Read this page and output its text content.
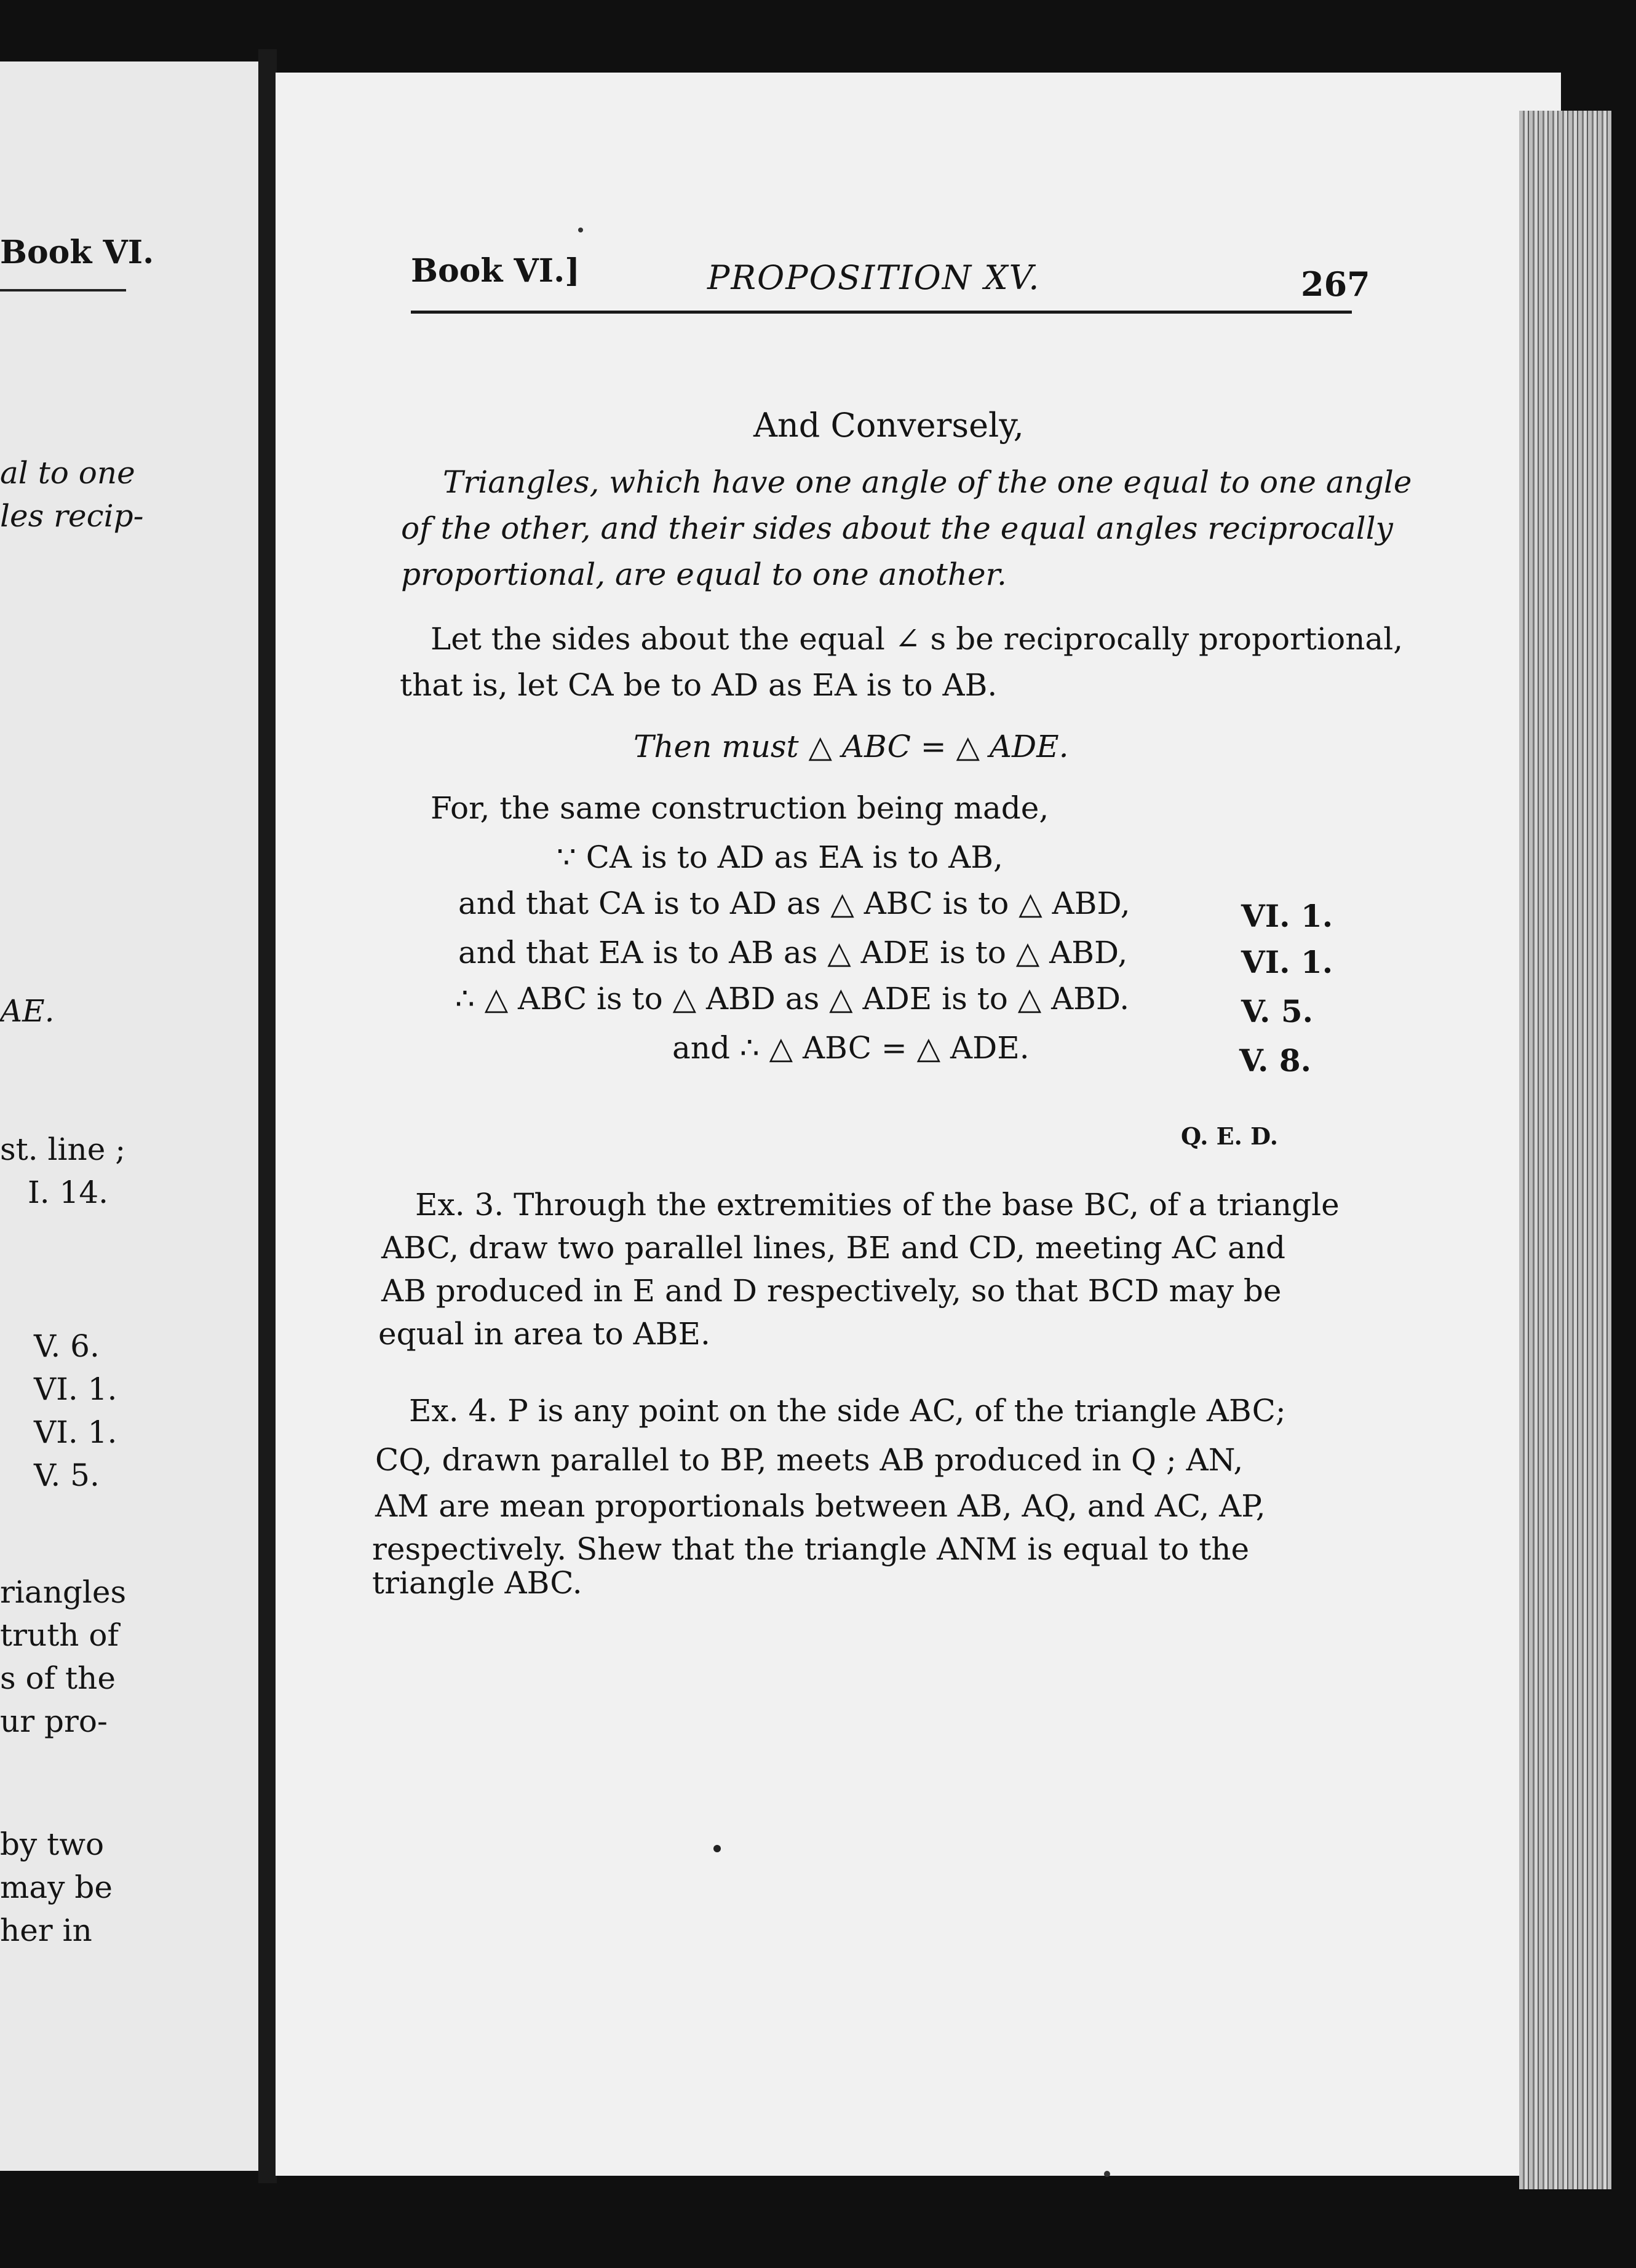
Book VI.
al to one
les recip-
AE.
st. line ;
I. 14.
V. 6.
VI. 1.
VI. 1.
V. 5.
riangles
truth of
s of the
ur pro-
by two
may be
her in
Book VI.]	PROPOSITION XV.	267
And Conversely,
Triangles, which have one angle of the one equal to one angle
of the other, and their sides about the equal angles reciprocally
proportional, are equal to one another.
Let the sides about the equal ∠ s be reciprocally proportional,
that is, let CA be to AD as EA is to AB.
Then must △ ABC = △ ADE.
For, the same construction being made,
∵ CA is to AD as EA is to AB,
and that CA is to AD as △ ABC is to △ ABD,	VI. 1.
and that EA is to AB as △ ADE is to △ ABD,	VI. 1.
∴ △ ABC is to △ ABD as △ ADE is to △ ABD.	V. 5.
and ∴ △ ABC = △ ADE.	V. 8.
Q. E. D.
Ex. 3. Through the extremities of the base BC, of a triangle
ABC, draw two parallel lines, BE and CD, meeting AC and
AB produced in E and D respectively, so that BCD may be
equal in area to ABE.
Ex. 4. P is any point on the side AC, of the triangle ABC;
CQ, drawn parallel to BP, meets AB produced in Q ; AN,
AM are mean proportionals between AB, AQ, and AC, AP,
respectively. Shew that the triangle ANM is equal to the
triangle ABC.
